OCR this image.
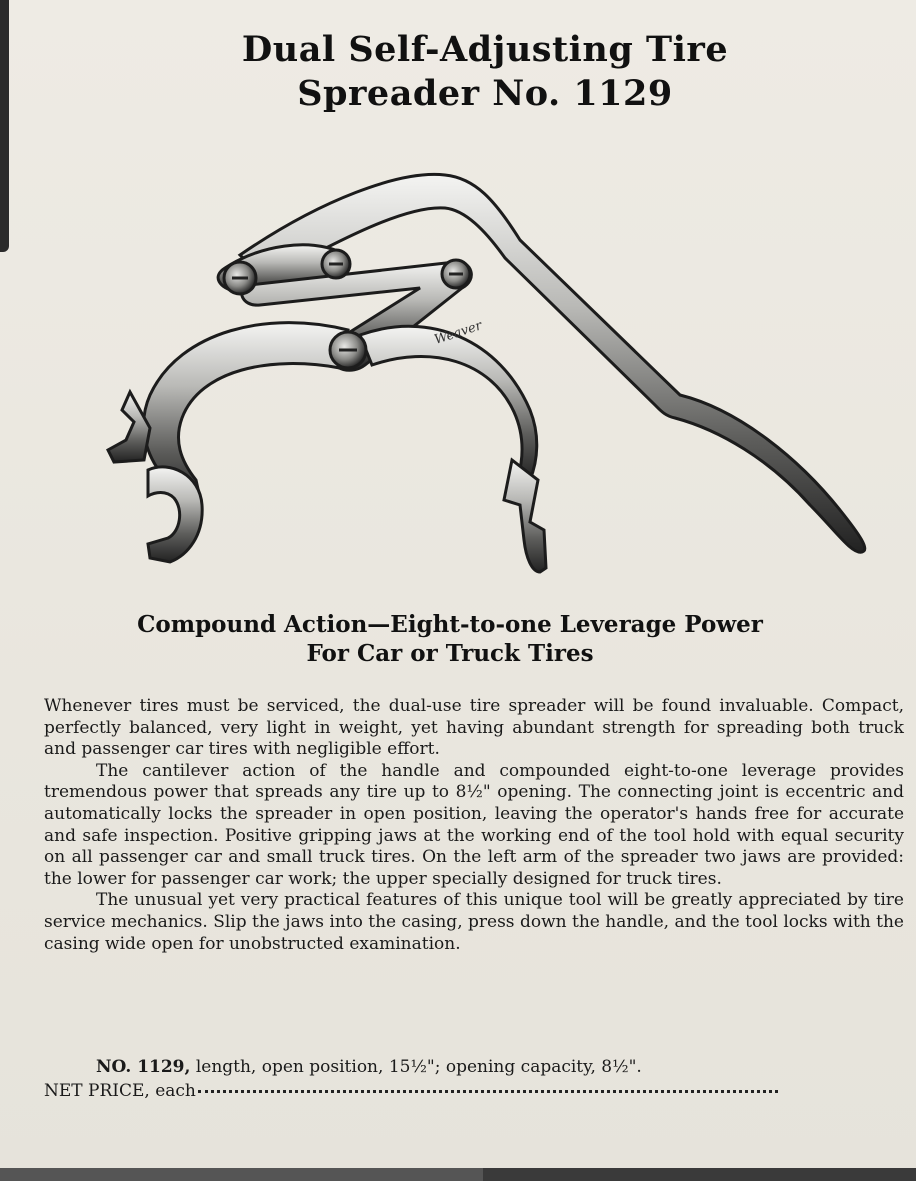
Dual Self-Adjusting Tire
Spreader No. 1129
Weaver
Compound Action—Eight-to-one Leverage Power
For Car or Truck Tires

Whenever tires must be serviced, the dual-use tire spreader will be found invaluable. Compact, perfectly balanced, very light in weight, yet having abundant strength for spreading both truck and passenger car tires with negligible effort.

The cantilever action of the handle and compounded eight-to-one leverage provides tremendous power that spreads any tire up to 8½" opening. The connecting joint is eccentric and automatically locks the spreader in open position, leaving the operator's hands free for accurate and safe inspection. Positive gripping jaws at the working end of the tool hold with equal security on all passenger car and small truck tires. On the left arm of the spreader two jaws are provided: the lower for passenger car work; the upper specially designed for truck tires.

The unusual yet very practical features of this unique tool will be greatly appreciated by tire service mechanics. Slip the jaws into the casing, press down the handle, and the tool locks with the casing wide open for unobstructed examination.

NO. 1129, length, open position, 15½"; opening capacity, 8½".
NET PRICE, each
